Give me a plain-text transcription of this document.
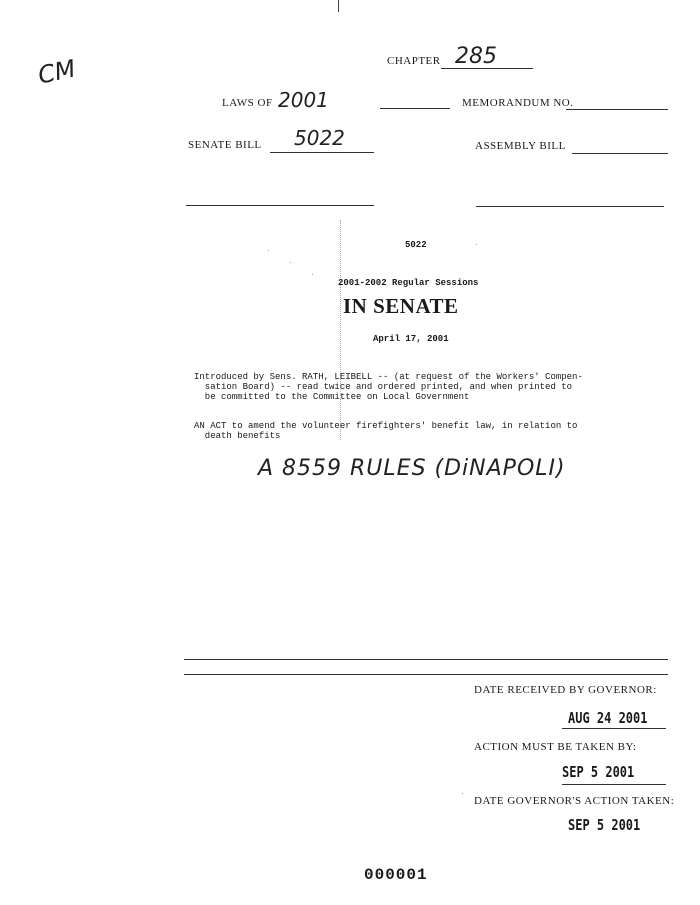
CM	CHAPTER 285
LAWS OF 2001	MEMORANDUM NO.
SENATE BILL 5022	ASSEMBLY BILL
5022
2001-2002 Regular Sessions
IN SENATE
April 17, 2001
Introduced by Sens. RATH, LEIBELL -- (at request of the Workers' Compen-
sation Board) -- read twice and ordered printed, and when printed to
be committed to the Committee on Local Government
AN ACT to amend the volunteer firefighters' benefit law, in relation to
death benefits
A 8559 RULES (DiNAPOLI)
DATE RECEIVED BY GOVERNOR:
AUG 24 2001
ACTION MUST BE TAKEN BY:
SEP 5 2001
DATE GOVERNOR'S ACTION TAKEN:
SEP 5 2001
000001
